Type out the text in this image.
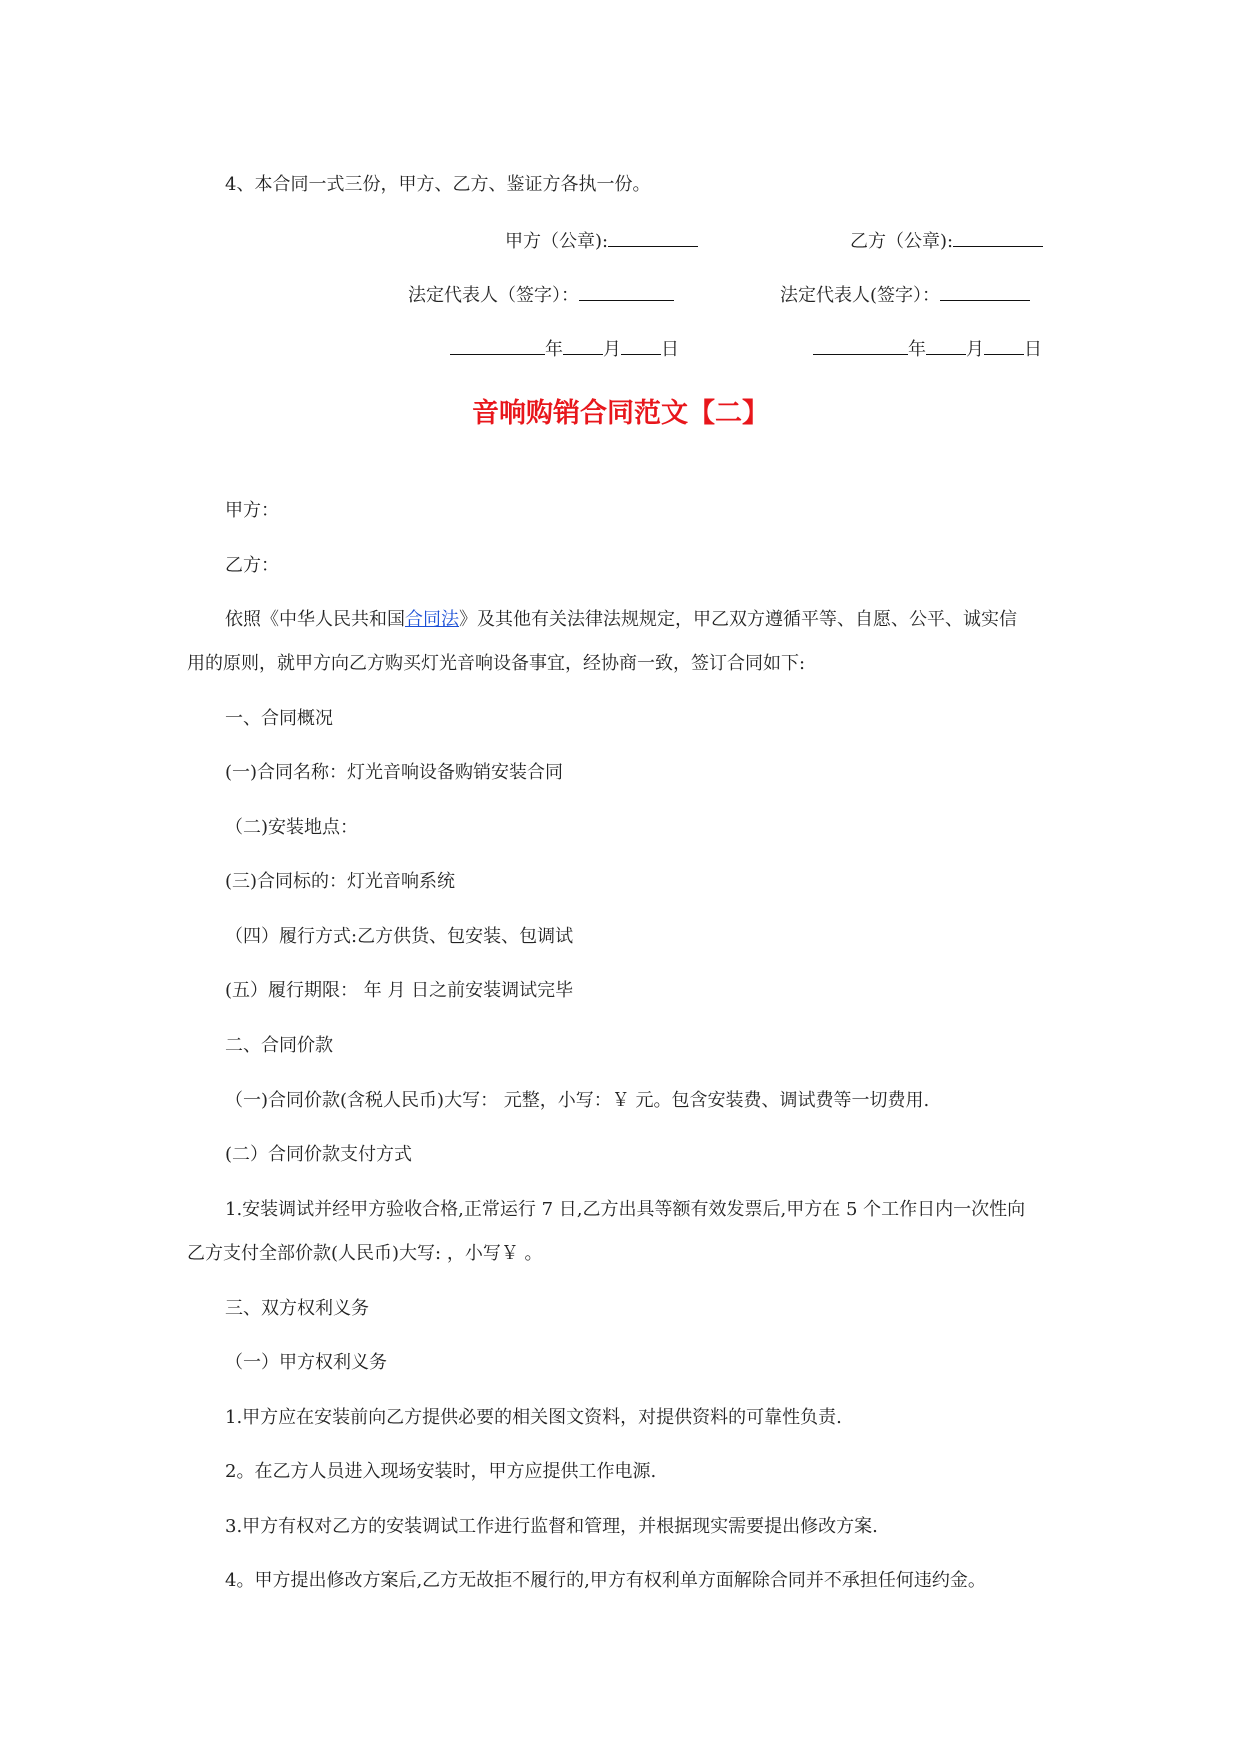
4、本合同一式三份，甲方、乙方、鉴证方各执一份。
甲方（公章):	乙方（公章):
法定代表人（签字）：	法定代表人(签字）：
年 月 日	年 月 日
音响购销合同范文【二】
甲方：
乙方：
依照《中华人民共和国合同法》及其他有关法律法规规定，甲乙双方遵循平等、自愿、公平、诚实信
用的原则，就甲方向乙方购买灯光音响设备事宜，经协商一致，签订合同如下:
一、合同概况
(一)合同名称：灯光音响设备购销安装合同
（二)安装地点：
(三)合同标的：灯光音响系统
（四）履行方式:乙方供货、包安装、包调试
(五）履行期限： 年 月 日之前安装调试完毕
二、合同价款
（一)合同价款(含税人民币)大写： 元整，小写：￥ 元。包含安装费、调试费等一切费用.
(二）合同价款支付方式
1.安装调试并经甲方验收合格,正常运行 7 日,乙方出具等额有效发票后,甲方在 5 个工作日内一次性向
乙方支付全部价款(人民币)大写: ，小写￥ 。
三、双方权利义务
（一）甲方权利义务
1.甲方应在安装前向乙方提供必要的相关图文资料，对提供资料的可靠性负责.
2。在乙方人员进入现场安装时，甲方应提供工作电源.
3.甲方有权对乙方的安装调试工作进行监督和管理，并根据现实需要提出修改方案.
4。甲方提出修改方案后,乙方无故拒不履行的,甲方有权利单方面解除合同并不承担任何违约金。
